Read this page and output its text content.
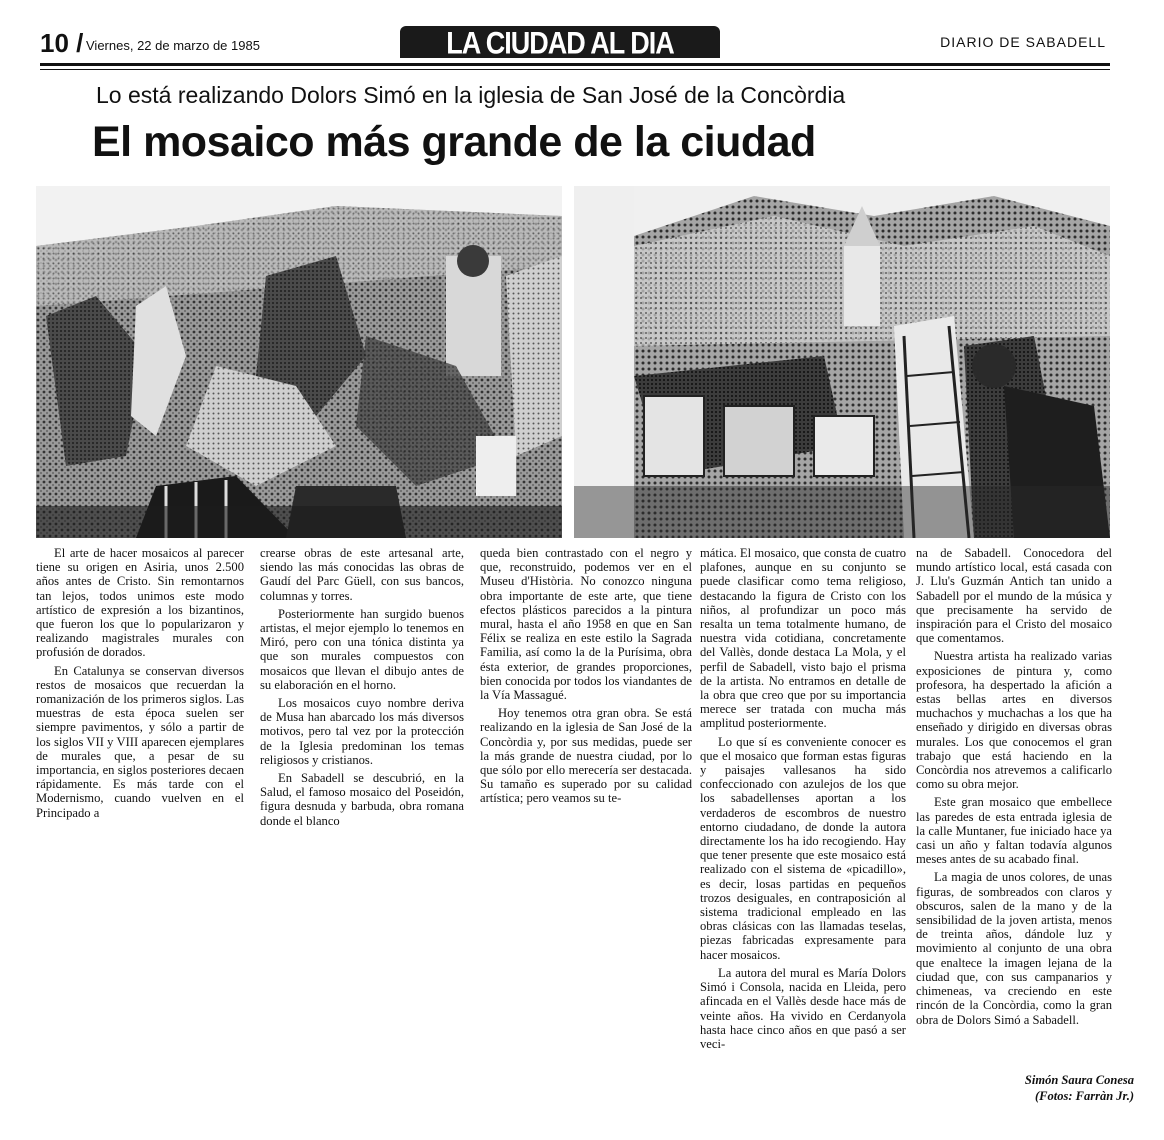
10 / Viernes, 22 de marzo de 1985	LA CIUDAD AL DIA	DIARIO DE SABADELL
Lo está realizando Dolors Simó en la iglesia de San José de la Concòrdia
El mosaico más grande de la ciudad

El arte de hacer mosaicos al parecer tiene su origen en Asiria, unos 2.500 años antes de Cristo. Sin remontarnos tan lejos, todos unimos este modo artístico de expresión a los bizantinos, que fueron los que lo popularizaron y realizando magistrales murales con profusión de dorados.

En Catalunya se conservan diversos restos de mosaicos que recuerdan la romanización de los primeros siglos. Las muestras de esta época suelen ser siempre pavimentos, y sólo a partir de los siglos VII y VIII aparecen ejemplares de murales que, a pesar de su importancia, en siglos posteriores decaen rápidamente. Es más tarde con el Modernismo, cuando vuelven en el Principado a

crearse obras de este artesanal arte, siendo las más conocidas las obras de Gaudí del Parc Güell, con sus bancos, columnas y torres.

Posteriormente han surgido buenos artistas, el mejor ejemplo lo tenemos en Miró, pero con una tónica distinta ya que son murales compuestos con mosaicos que llevan el dibujo antes de su elaboración en el horno.

Los mosaicos cuyo nombre deriva de Musa han abarcado los más diversos motivos, pero tal vez por la protección de la Iglesia predominan los temas religiosos y cristianos.

En Sabadell se descubrió, en la Salud, el famoso mosaico del Poseidón, figura desnuda y barbuda, obra romana donde el blanco

queda bien contrastado con el negro y que, reconstruido, podemos ver en el Museu d'Història. No conozco ninguna obra importante de este arte, que tiene efectos plásticos parecidos a la pintura mural, hasta el año 1958 en que en San Félix se realiza en este estilo la Sagrada Familia, así como la de la Purísima, obra ésta exterior, de grandes proporciones, bien conocida por todos los viandantes de la Vía Massagué.

Hoy tenemos otra gran obra. Se está realizando en la iglesia de San José de la Concòrdia y, por sus medidas, puede ser la más grande de nuestra ciudad, por lo que sólo por ello merecería ser destacada. Su tamaño es superado por su calidad artística; pero veamos su te-

mática. El mosaico, que consta de cuatro plafones, aunque en su conjunto se puede clasificar como tema religioso, destacando la figura de Cristo con los niños, al profundizar un poco más resalta un tema totalmente humano, de nuestra vida cotidiana, concretamente del Vallès, donde destaca La Mola, y el perfil de Sabadell, visto bajo el prisma de la artista. No entramos en detalle de la obra que creo que por su importancia merece ser tratada con mucha más amplitud posteriormente.

Lo que sí es conveniente conocer es que el mosaico que forman estas figuras y paisajes vallesanos ha sido confeccionado con azulejos de los que los sabadellenses aportan a los verdaderos de escombros de nuestro entorno ciudadano, de donde la autora directamente los ha ido recogiendo. Hay que tener presente que este mosaico está realizado con el sistema de «picadillo», es decir, losas partidas en pequeños trozos desiguales, en contraposición al sistema tradicional empleado en las obras clásicas con las llamadas teselas, piezas fabricadas expresamente para hacer mosaicos.

La autora del mural es María Dolors Simó i Consola, nacida en Lleida, pero afincada en el Vallès desde hace más de veinte años. Ha vivido en Cerdanyola hasta hace cinco años en que pasó a ser veci-

na de Sabadell. Conocedora del mundo artístico local, está casada con J. Llu's Guzmán Antich tan unido a Sabadell por el mundo de la música y que precisamente ha servido de inspiración para el Cristo del mosaico que comentamos.

Nuestra artista ha realizado varias exposiciones de pintura y, como profesora, ha despertado la afición a estas bellas artes en diversos muchachos y muchachas a los que ha enseñado y dirigido en diversas obras murales. Los que conocemos el gran trabajo que está haciendo en la Concòrdia nos atrevemos a calificarlo como su obra mejor.

Este gran mosaico que embellece las paredes de esta entrada iglesia de la calle Muntaner, fue iniciado hace ya casi un año y faltan todavía algunos meses antes de su acabado final.

La magia de unos colores, de unas figuras, de sombreados con claros y obscuros, salen de la mano y de la sensibilidad de la joven artista, menos de treinta años, dándole luz y movimiento al conjunto de una obra que enaltece la imagen lejana de la ciudad que, con sus campanarios y chimeneas, va creciendo en este rincón de la Concòrdia, como la gran obra de Dolors Simó a Sabadell.

Simón Saura Conesa
(Fotos: Farràn Jr.)
